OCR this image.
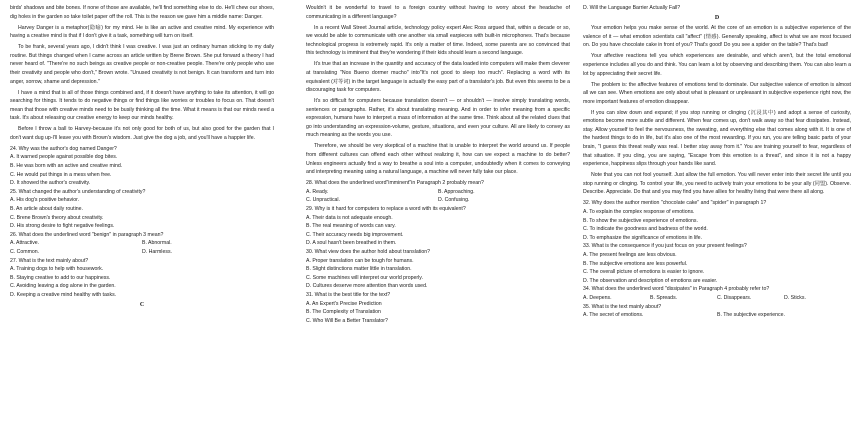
birds' shadows and bite bones. If none of those are available, he'll find something else to do. He'll chew our shoes, dig holes in the garden so take toilet paper off the roll. This is the reason we gave him a middle name: Danger.

Harvey Danger is a metaphor(隐喻) for my mind. He is like an active and creative mind. My experience with having a creative mind is that if I don't give it a task, something will turn on itself.

To be frank, several years ago, I didn't think I was creative. I was just an ordinary human sticking to my daily routine. But things changed when I came across an article written by Brene Brown. She put forward a theory I had never heard of. "There're no such beings as creative people or non-creative people. There're only people who use their creativity and people who don't," Brown wrote. "Unused creativity is not benign. It can transform and turn into anger, sorrow, shame and depression."

I have a mind that is all of those things combined and, if it doesn't have anything to take its attention, it will go searching for things. It tends to do negative things or find things like worries or troubles to focus on. That doesn't mean that those with creative minds need to be busily thinking all the time. What it means is that our minds need a task. It's about releasing our creative energy to keep our minds healthy.

Before I throw a ball to Harvey-because it's not only good for both of us, but also good for the garden that I don't want dug up-I'll leave you with Brown's wisdom. Just give the dog a job, and you'll have a happier life.

24. Why was the author's dog named Danger?

A. It warned people against possible dog bites.
B. He was born with an active and creative mind.
C. He would put things in a mess when free.
D. It showed the author's creativity.

25. What changed the author's understanding of creativity?

A. His dog's positive behavior.
B. An article about daily routine.
C. Brene Brown's theory about creativity.
D. His strong desire to fight negative feelings.

26. What does the underlined word "benign" in paragraph 3 mean?

A. Attractive.	B. Abnormal.
C. Common.	D. Harmless.

27. What is the text mainly about?

A. Training dogs to help with housework.
B. Staying creative to add to our happiness.
C. Avoiding leaving a dog alone in the garden.
D. Keeping a creative mind healthy with tasks.
C

Wouldn't it be wonderful to travel to a foreign country without having to worry about the headache of communicating in a different language?

In a recent Wall Street Journal article, technology policy expert Alec Ross argued that, within a decade or so, we would be able to communicate with one another via small earpieces with built-in microphones. That's because technological progress is extremely rapid. It's only a matter of time. Indeed, some parents are so convinced that this technology is imminent that they're wondering if their kids should learn a second language.

It's true that an increase in the quantity and accuracy of the data loaded into computers will make them cleverer at translating "Nos Bueno dormer mucho" into"It's not good to sleep too much". Replacing a word with its equivalent (对等词) in the target language is actually the easy part of a translator's job. But even this seems to be a discouraging task for computers.

It's so difficult for computers because translation doesn't — or shouldn't — involve simply translating words, sentences or paragraphs. Rather, it's about translating meaning. And in order to infer meaning from a specific expression, humans have to interpret a mass of information at the same time. Think about all the related clues that go into understanding an expression-volume, gesture, situations, and even your culture. All are likely to convey as much meaning as the words you use.

Therefore, we should be very skeptical of a machine that is unable to interpret the world around us. If people from different cultures can offend each other without realizing it, how can we expect a machine to do better? Unless engineers actually find a way to breathe a soul into a computer, undoubtedly when it comes to conveying and interpreting meaning using a natural language, a machine will never fully take our place.

28. What does the underlined word"imminent"in Paragraph 2 probably mean?

A. Ready.	B. Approaching.
C. Unpractical.	D. Confusing.

29. Why is it hard for computers to replace a word with its equivalent?

A. Their data is not adequate enough.
B. The real meaning of words can vary.
C. Their accuracy needs big improvement.
D. A soul hasn't been breathed in them.

30. What view does the author hold about translation?

A. Proper translation can be tough for humans.
B. Slight distinctions matter little in translation.
C. Some machines will interpret our world properly.
D. Cultures deserve more attention than words used.

31. What is the best title for the text?

A. An Expert's Precise Prediction
B. The Complexity of Translation
C. Who Will Be a Better Translator?
D. Will the Language Barrier Actually Fall?
D

Your emotion helps you make sense of the world. At the core of an emotion is a subjective experience of the valence of it — what emotion scientists call "affect" (情感). Generally speaking, affect is what we are most focused on. Do you have chocolate cake in front of you? That's good! Do you see a spider on the table? That's bad!

Your affective reactions tell you which experiences are desirable, and which aren't, but the total emotional experience includes all you do and think. You can learn a lot by observing and describing them. You can also learn a lot by appreciating their secret life.

The problem is: the affective features of emotions tend to dominate. Our subjective valence of emotion is almost all we can see. When emotions are only about what is pleasant or unpleasant in subjective experience right now, the more important features of emotion disappear.

If you can slow down and expand; if you stop running or clinging (沉浸其中) and adopt a sense of curiosity, emotions become more subtle and different. When fear comes up, don't walk away so that fear dissipates. Instead, stay. Allow yourself to feel the nervousness, the sweating, and everything else that comes along with it. It is one of the hardest things to do in life, but it's also one of the most rewarding. If you run, you are telling basic parts of your brain, "I guess this threat really was real. I better stay away from it." You are training yourself to fear, regardless of that situation. If you cling, you are saying, "Escape from this emotion is a threat", and since it is not a happy experience, happiness slips through your hands like sand.

Note that you can not fool yourself. Just allow the full emotion. You will never enter into their secret life until you stop running or clinging. To control your life, you need to actively train your emotions to be your ally (同盟). Observe. Describe. Appreciate. Do that and you may find you have allies for healthy living that were there all along.

32. Why does the author mention "chocolate cake" and "spider" in paragraph 1?

A. To explain the complex response of emotions.
B. To show the subjective experience of emotions.
C. To indicate the goodness and badness of the world.
D. To emphasize the significance of emotions in life.

33. What is the consequence if you just focus on your present feelings?

A. The present feelings are less obvious.
B. The subjective emotions are less powerful.
C. The overall picture of emotions is easier to ignore.
D. The observation and description of emotions are easier.

34. What does the underlined word "dissipates" in Paragraph 4 probably refer to?

A. Deepens.	B. Spreads.	C. Disappears.	D. Sticks.

35. What is the text mainly about?

A. The secret of emotions.	B. The subjective experience.
